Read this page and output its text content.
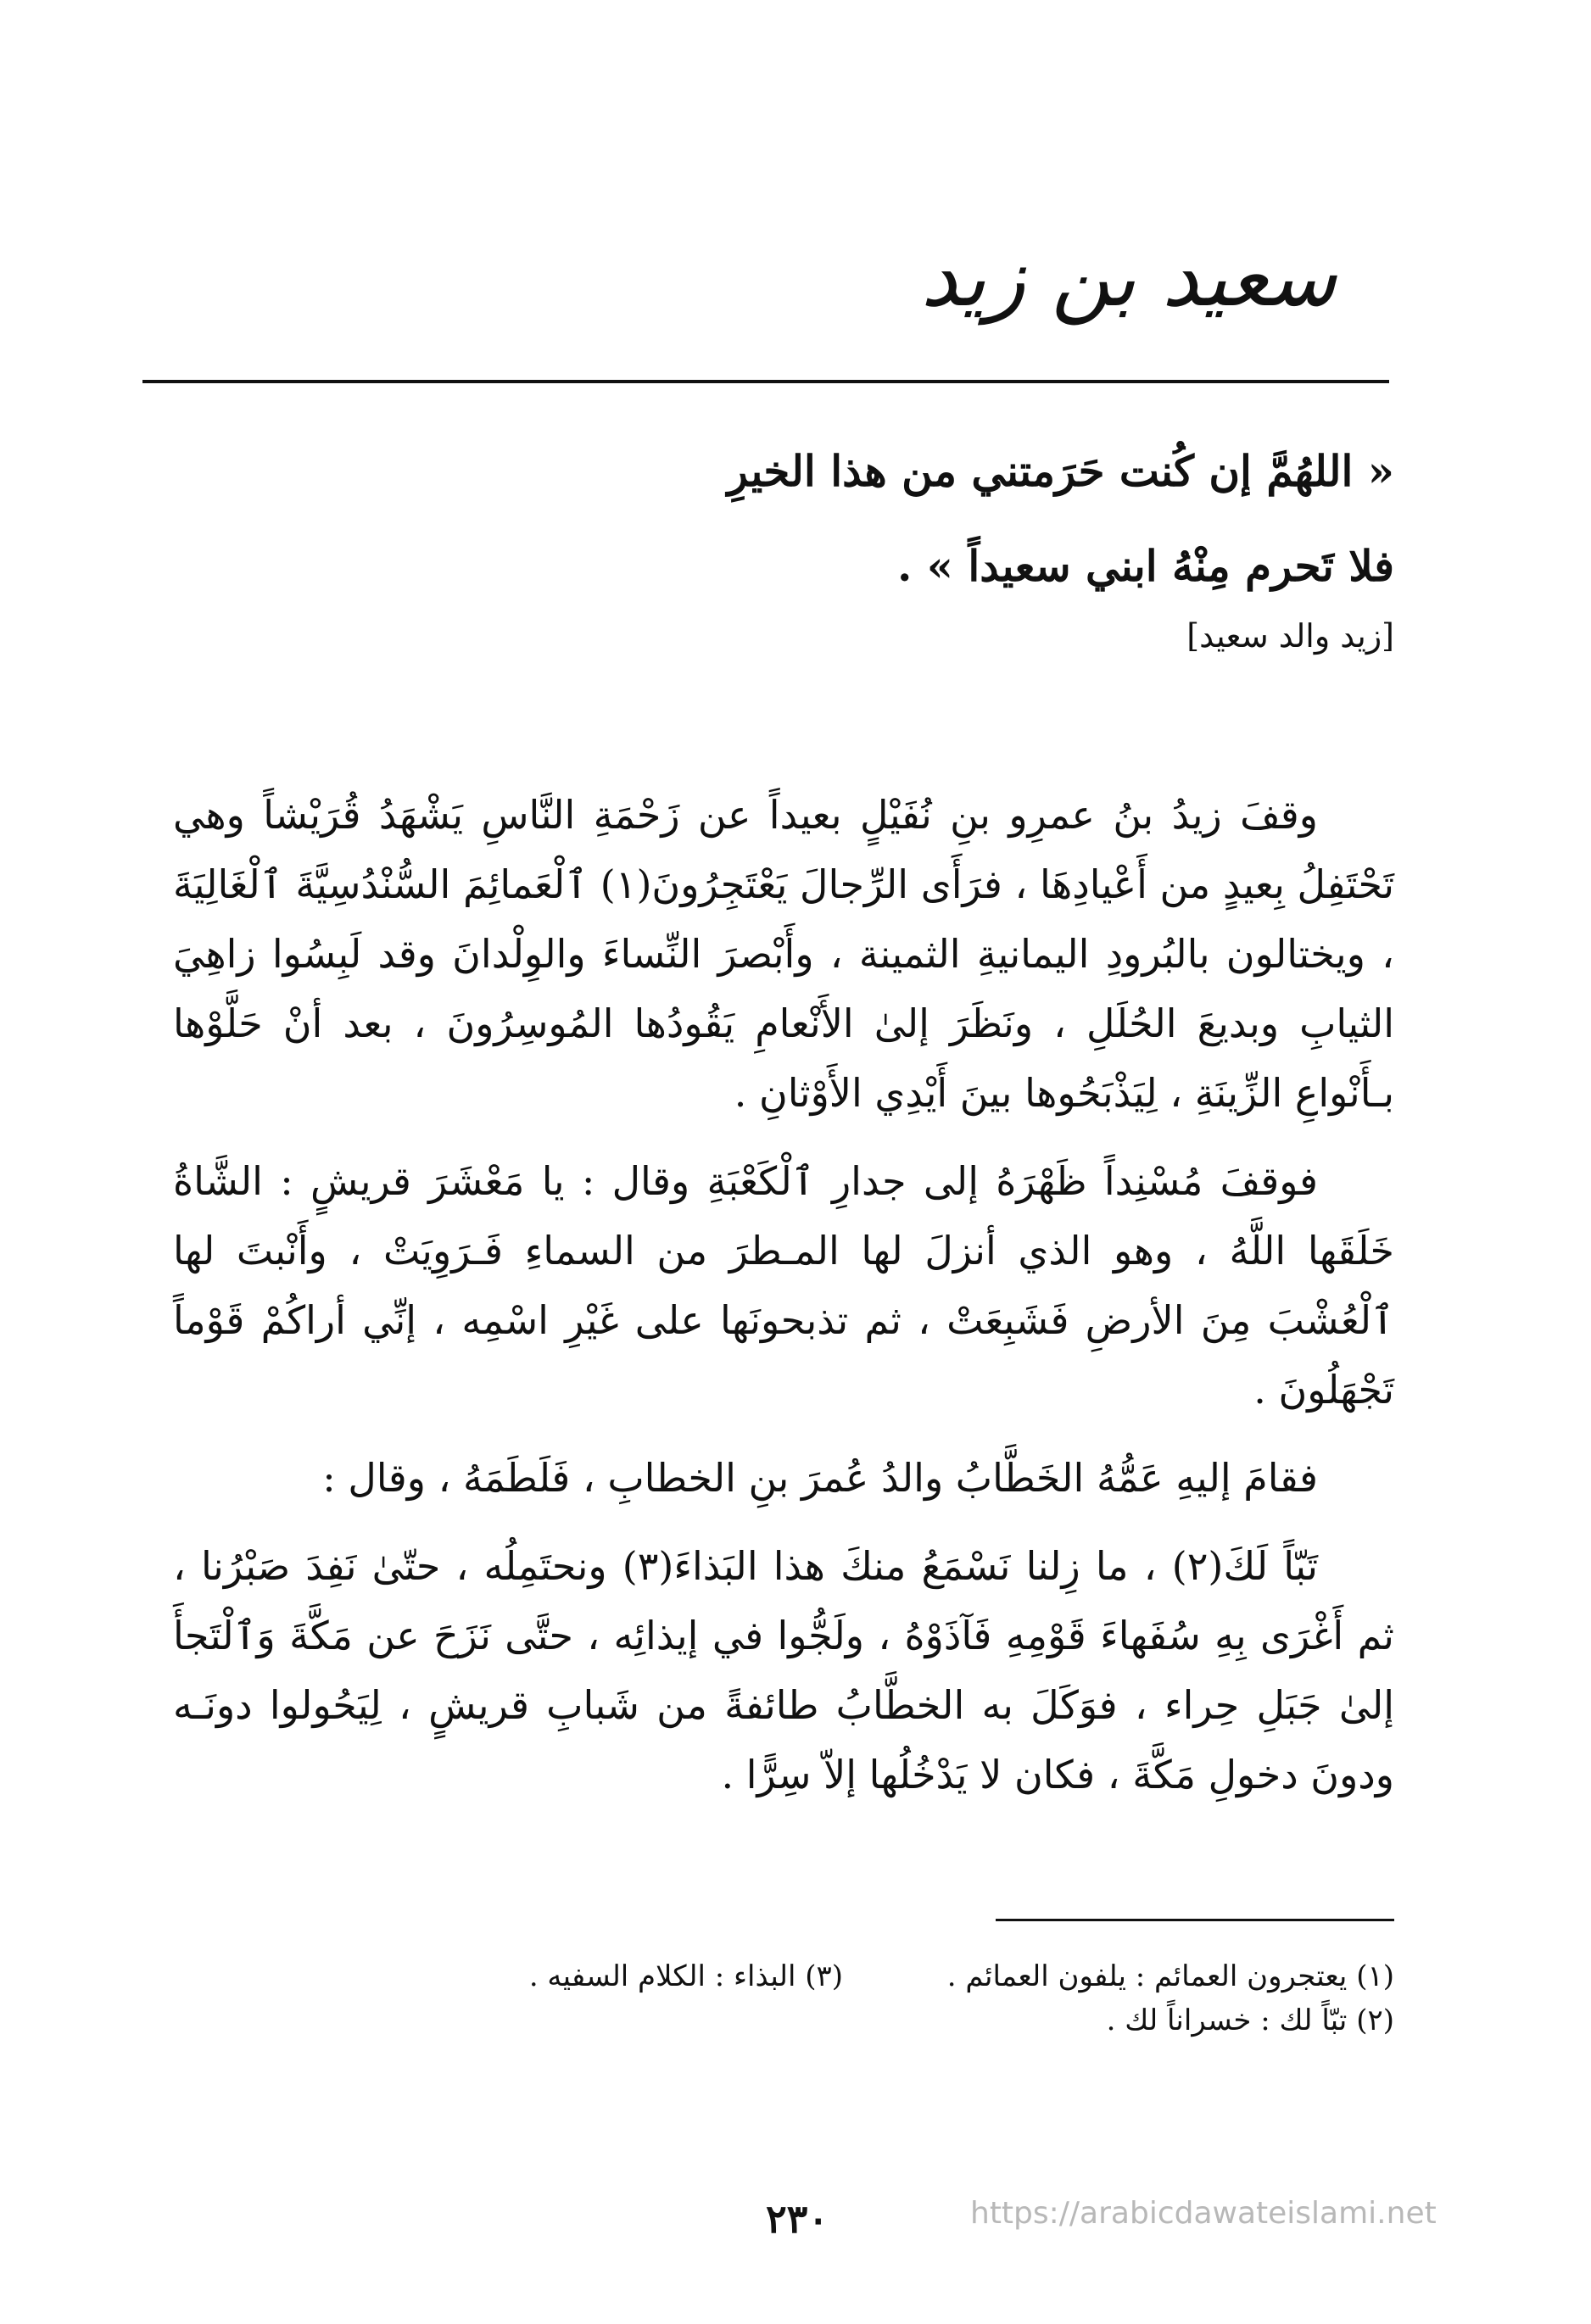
سعيد بن زيد
« اللهُمَّ إن كُنت حَرَمتني من هذا الخيرِ
فلا تَحرم مِنْهُ ابني سعيداً » .
[زيد والد سعيد]

وقفَ زيدُ بنُ عمرِو بنِ نُفَيْلٍ بعيداً عن زَحْمَةِ النَّاسِ يَشْهَدُ قُرَيْشاً وهي تَحْتَفِلُ بِعيدٍ من أَعْيادِهَا ، فرَأَى الرِّجالَ يَعْتَجِرُونَ(١) ٱلْعَمائِمَ السُّنْدُسِيَّةَ ٱلْغَالِيَةَ ، ويختالون بالبُرودِ اليمانيةِ الثمينة ، وأَبْصرَ النِّساءَ والوِلْدانَ وقد لَبِسُوا زاهِيَ الثيابِ وبديعَ الحُلَلِ ، ونَظَرَ إلىٰ الأَنْعامِ يَقُودُها المُوسِرُونَ ، بعد أنْ حَلَّوْها بـأَنْواعِ الزِّينَةِ ، لِيَذْبَحُوها بينَ أَيْدِي الأَوْثانِ .

فوقفَ مُسْنِداً ظَهْرَهُ إلى جدارِ ٱلْكَعْبَةِ وقال : يا مَعْشَرَ قريشٍ : الشَّاةُ خَلَقَها اللَّهُ ، وهو الذي أنزلَ لها المـطرَ من السماءِ فَـرَوِيَتْ ، وأَنْبتَ لها ٱلْعُشْبَ مِنَ الأرضِ فَشَبِعَتْ ، ثم تذبحونَها على غَيْرِ اسْمِه ، إنِّي أراكُمْ قَوْماً تَجْهَلُونَ .

فقامَ إليهِ عَمُّهُ الخَطَّابُ والدُ عُمرَ بنِ الخطابِ ، فَلَطَمَهُ ، وقال :

تَبّاً لَكَ(٢) ، ما زِلنا نَسْمَعُ منكَ هذا البَذاءَ(٣) ونحتَمِلُه ، حتّىٰ نَفِدَ صَبْرُنا ، ثم أَغْرَى بِهِ سُفَهاءَ قَوْمِهِ فَآذَوْهُ ، ولَجُّوا في إيذائِه ، حتَّى نَزَحَ عن مَكَّةَ وَٱلْتَجأَ إلىٰ جَبَلِ حِراء ، فوَكَلَ به الخطَّابُ طائفةً من شَبابِ قريشٍ ، لِيَحُولوا دونَـه ودونَ دخولِ مَكَّةَ ، فكان لا يَدْخُلُها إلاّ سِرًّا .

(١) يعتجرون العمائم : يلفون العمائم .
(٣) البذاء : الكلام السفيه .
(٢) تبّاً لك : خسراناً لك .
٢٣٠	https://arabicdawateislami.net
